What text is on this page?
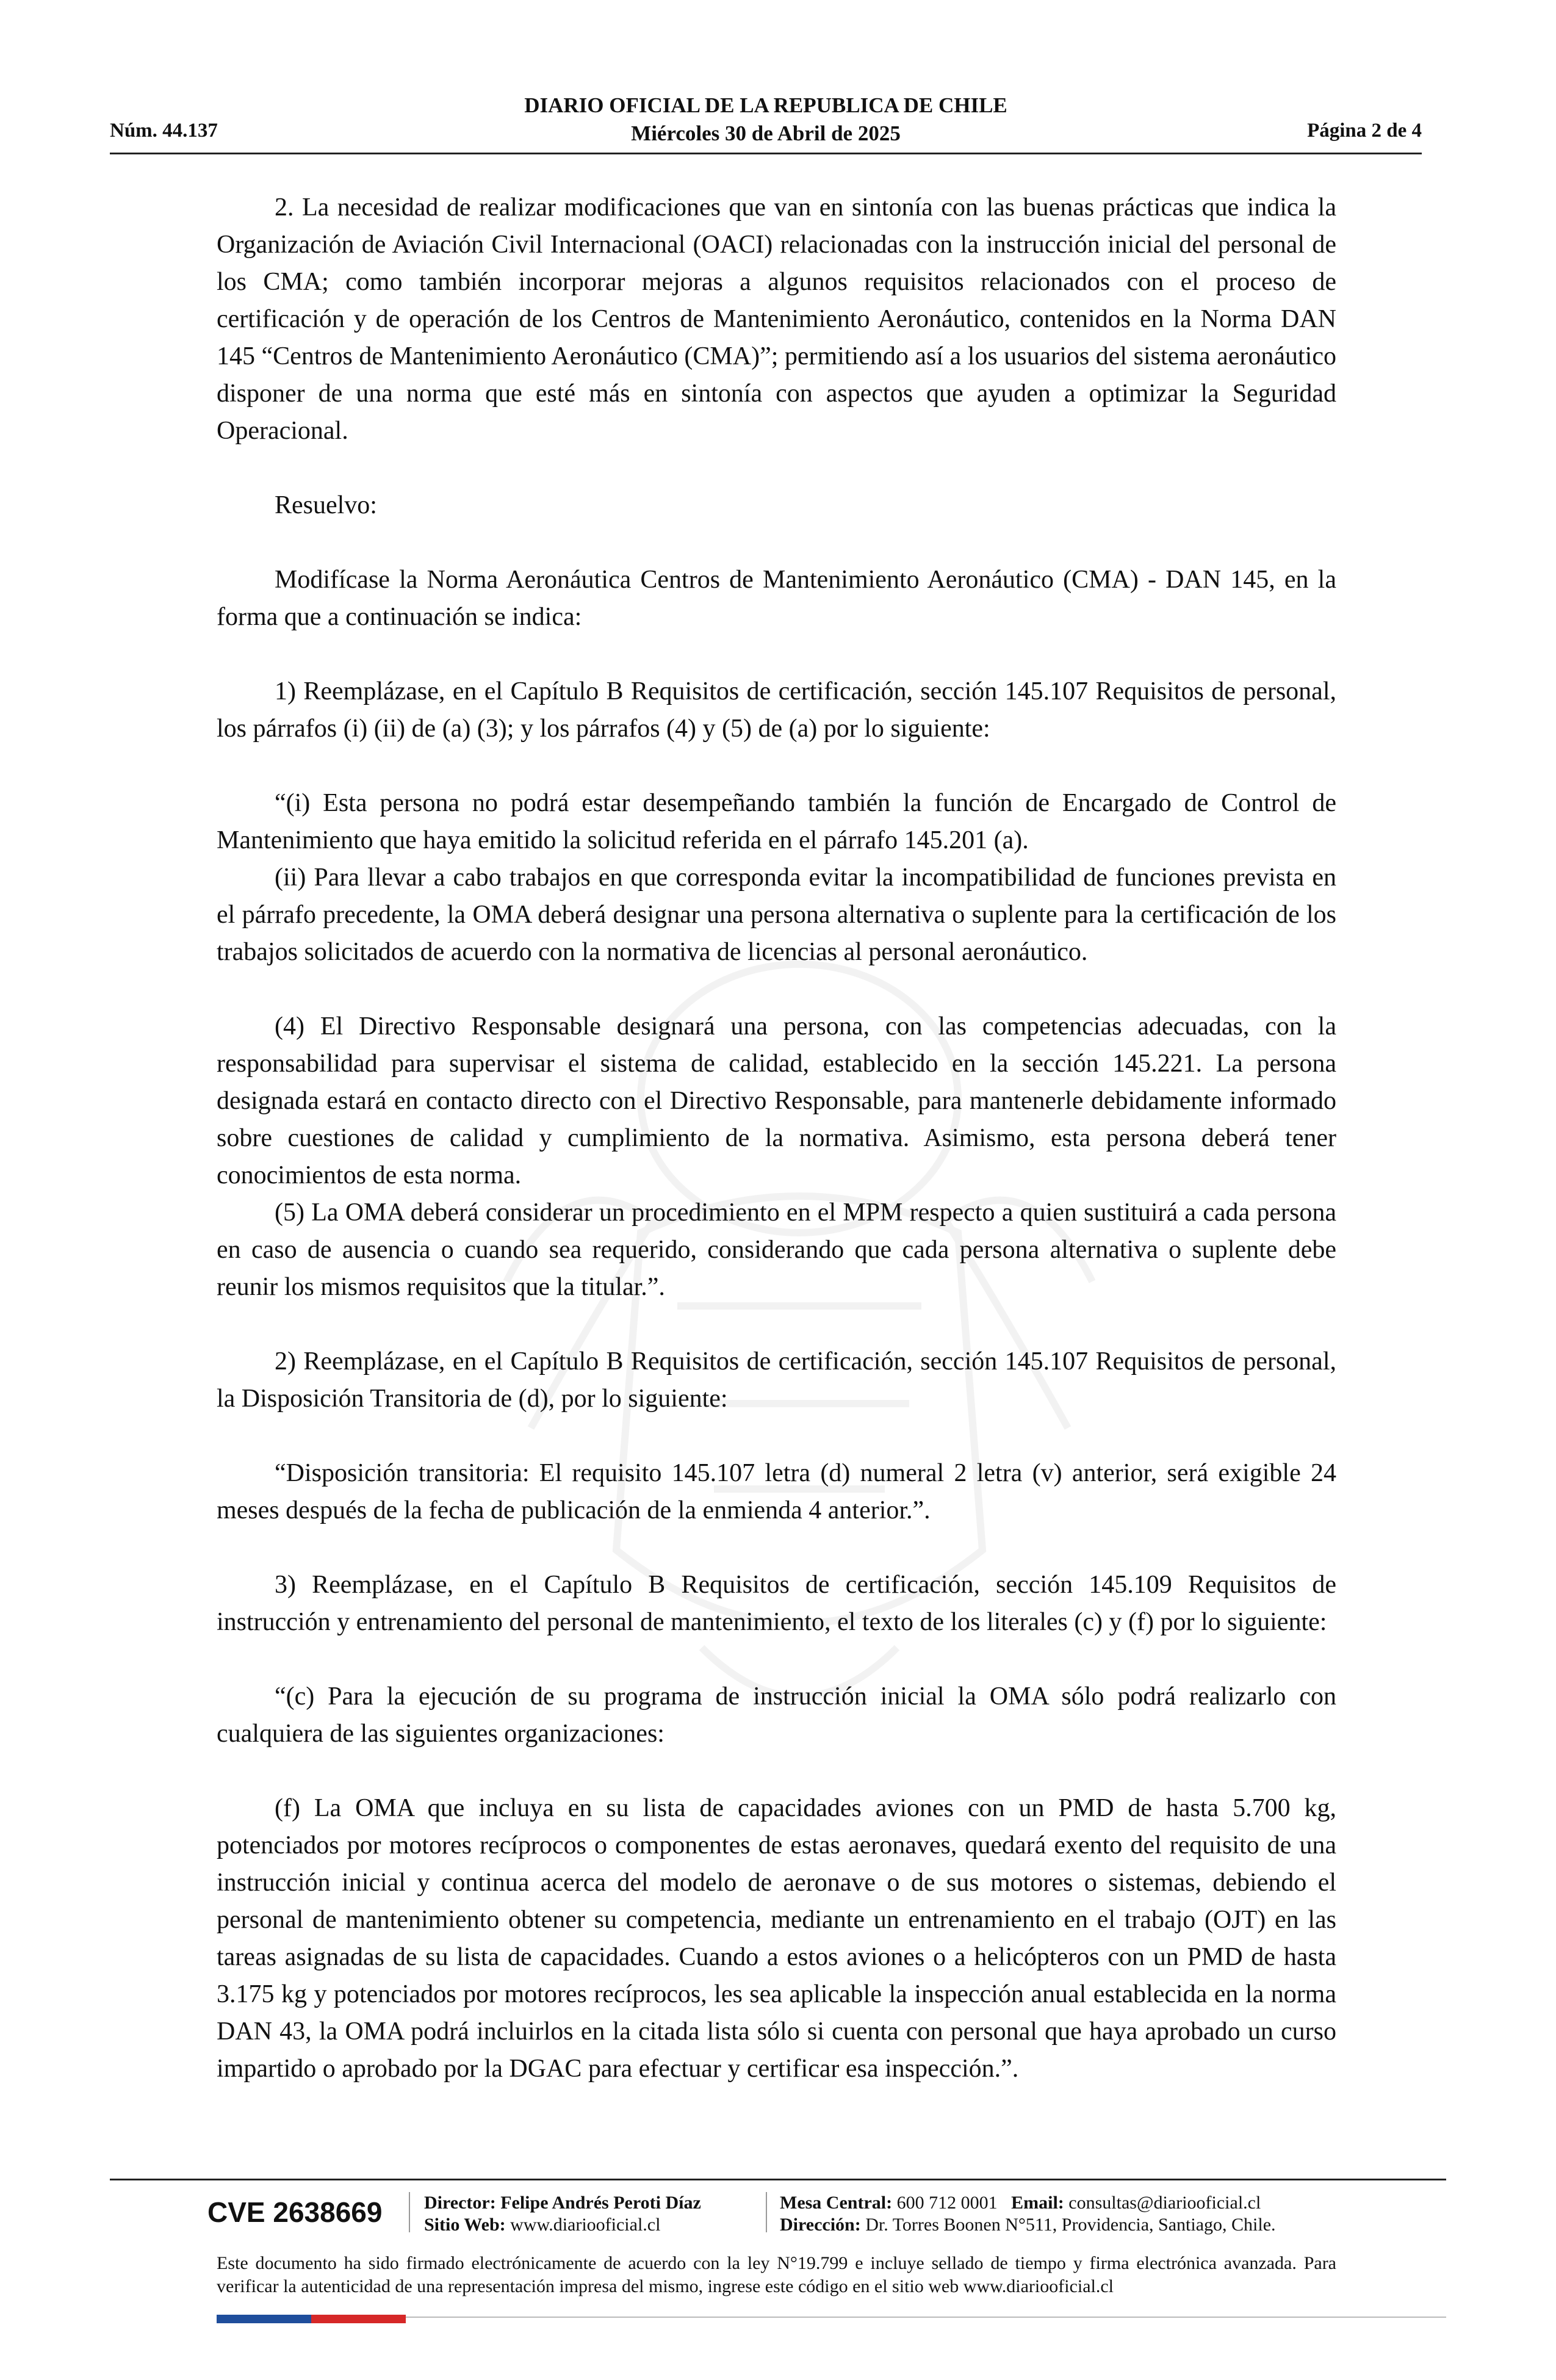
DIARIO OFICIAL DE LA REPUBLICA DE CHILE
Núm. 44.137	Miércoles 30 de Abril de 2025	Página 2 de 4

2. La necesidad de realizar modificaciones que van en sintonía con las buenas prácticas que indica la Organización de Aviación Civil Internacional (OACI) relacionadas con la instrucción inicial del personal de los CMA; como también incorporar mejoras a algunos requisitos relacionados con el proceso de certificación y de operación de los Centros de Mantenimiento Aeronáutico, contenidos en la Norma DAN 145 “Centros de Mantenimiento Aeronáutico (CMA)”; permitiendo así a los usuarios del sistema aeronáutico disponer de una norma que esté más en sintonía con aspectos que ayuden a optimizar la Seguridad Operacional.

Resuelvo:

Modifícase la Norma Aeronáutica Centros de Mantenimiento Aeronáutico (CMA) - DAN 145, en la forma que a continuación se indica:

1) Reemplázase, en el Capítulo B Requisitos de certificación, sección 145.107 Requisitos de personal, los párrafos (i) (ii) de (a) (3); y los párrafos (4) y (5) de (a) por lo siguiente:

“(i) Esta persona no podrá estar desempeñando también la función de Encargado de Control de Mantenimiento que haya emitido la solicitud referida en el párrafo 145.201 (a).

(ii) Para llevar a cabo trabajos en que corresponda evitar la incompatibilidad de funciones prevista en el párrafo precedente, la OMA deberá designar una persona alternativa o suplente para la certificación de los trabajos solicitados de acuerdo con la normativa de licencias al personal aeronáutico.

(4) El Directivo Responsable designará una persona, con las competencias adecuadas, con la responsabilidad para supervisar el sistema de calidad, establecido en la sección 145.221. La persona designada estará en contacto directo con el Directivo Responsable, para mantenerle debidamente informado sobre cuestiones de calidad y cumplimiento de la normativa. Asimismo, esta persona deberá tener conocimientos de esta norma.

(5) La OMA deberá considerar un procedimiento en el MPM respecto a quien sustituirá a cada persona en caso de ausencia o cuando sea requerido, considerando que cada persona alternativa o suplente debe reunir los mismos requisitos que la titular.”.

2) Reemplázase, en el Capítulo B Requisitos de certificación, sección 145.107 Requisitos de personal, la Disposición Transitoria de (d), por lo siguiente:

“Disposición transitoria: El requisito 145.107 letra (d) numeral 2 letra (v) anterior, será exigible 24 meses después de la fecha de publicación de la enmienda 4 anterior.”.

3) Reemplázase, en el Capítulo B Requisitos de certificación, sección 145.109 Requisitos de instrucción y entrenamiento del personal de mantenimiento, el texto de los literales (c) y (f) por lo siguiente:

“(c) Para la ejecución de su programa de instrucción inicial la OMA sólo podrá realizarlo con cualquiera de las siguientes organizaciones:

(f) La OMA que incluya en su lista de capacidades aviones con un PMD de hasta 5.700 kg, potenciados por motores recíprocos o componentes de estas aeronaves, quedará exento del requisito de una instrucción inicial y continua acerca del modelo de aeronave o de sus motores o sistemas, debiendo el personal de mantenimiento obtener su competencia, mediante un entrenamiento en el trabajo (OJT) en las tareas asignadas de su lista de capacidades. Cuando a estos aviones o a helicópteros con un PMD de hasta 3.175 kg y potenciados por motores recíprocos, les sea aplicable la inspección anual establecida en la norma DAN 43, la OMA podrá incluirlos en la citada lista sólo si cuenta con personal que haya aprobado un curso impartido o aprobado por la DGAC para efectuar y certificar esa inspección.”.

CVE 2638669 Director: Felipe Andrés Peroti Díaz
Sitio Web: www.diariooficial.cl
Mesa Central: 600 712 0001 Email: consultas@diariooficial.cl
Dirección: Dr. Torres Boonen N°511, Providencia, Santiago, Chile.
Este documento ha sido firmado electrónicamente de acuerdo con la ley N°19.799 e incluye sellado de tiempo y firma electrónica avanzada. Para verificar la autenticidad de una representación impresa del mismo, ingrese este código en el sitio web www.diariooficial.cl
